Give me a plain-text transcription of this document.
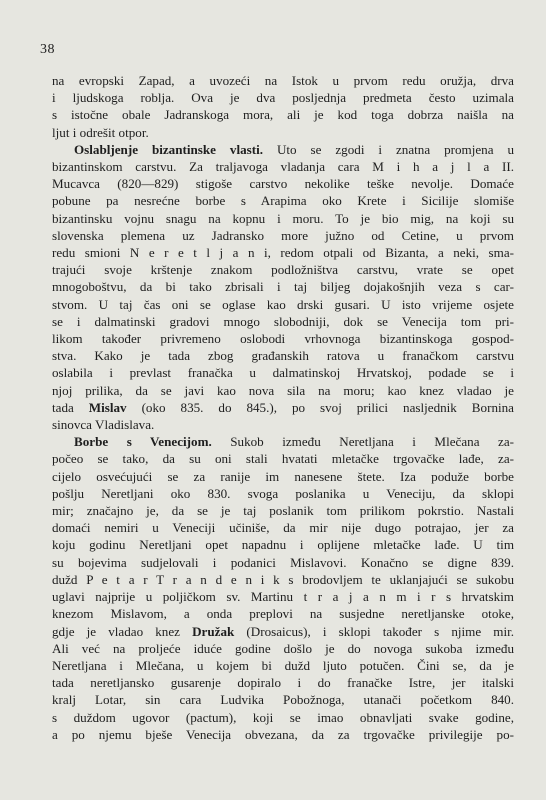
38
na evropski Zapad, a uvozeći na Istok u prvom redu oružja, drva
i ljudskoga roblja. Ova je dva posljednja predmeta često uzimala
s istočne obale Jadranskoga mora, ali je kod toga dobrza naišla na
ljut i odrešit otpor.
Oslabljenje bizantinske vlasti. Uto se zgodi i znatna promjena u
bizantinskom carstvu. Za traljavoga vladanja cara M i h a j l a II.
Mucavca (820—829) stigoše carstvo nekolike teške nevolje. Domaće
pobune pa nesrećne borbe s Arapima oko Krete i Sicilije slomiše
bizantinsku vojnu snagu na kopnu i moru. To je bio mig, na koji su
slovenska plemena uz Jadransko more južno od Cetine, u prvom
redu smioni N e r e t l j a n i, redom otpali od Bizanta, a neki, sma-
trajući svoje krštenje znakom podložništva carstvu, vrate se opet
mnogoboštvu, da bi tako zbrisali i taj biljeg dojakošnjih veza s car-
stvom. U taj čas oni se oglase kao drski gusari. U isto vrijeme osjete
se i dalmatinski gradovi mnogo slobodniji, dok se Venecija tom pri-
likom također privremeno oslobodi vrhovnoga bizantinskoga gospod-
stva. Kako je tada zbog građanskih ratova u franačkom carstvu
oslabila i prevlast franačka u dalmatinskoj Hrvatskoj, podade se i
njoj prilika, da se javi kao nova sila na moru; kao knez vladao je
tada Mislav (oko 835. do 845.), po svoj prilici nasljednik Bornina
sinovca Vladislava.
Borbe s Venecijom. Sukob između Neretljana i Mlečana za-
počeo se tako, da su oni stali hvatati mletačke trgovačke lađe, za-
cijelo osvećujući se za ranije im nanesene štete. Iza poduže borbe
pošlju Neretljani oko 830. svoga poslanika u Veneciju, da sklopi
mir; značajno je, da se je taj poslanik tom prilikom pokrstio. Nastali
domaći nemiri u Veneciji učiniše, da mir nije dugo potrajao, jer za
koju godinu Neretljani opet napadnu i oplijene mletačke lađe. U tim
su bojevima sudjelovali i podanici Mislavovi. Konačno se digne 839.
dužd P e t a r T r a n d e n i k s brodovljem te uklanjajući se sukobu
uglavi najprije u poljičkom sv. Martinu t r a j a n m i r s hrvatskim
knezom Mislavom, a onda preplovi na susjedne neretljanske otoke,
gdje je vladao knez Družak (Drosaicus), i sklopi također s njime mir.
Ali već na proljeće iduće godine došlo je do novoga sukoba između
Neretljana i Mlečana, u kojem bi dužd ljuto potučen. Čini se, da je
tada neretljansko gusarenje dopiralo i do franačke Istre, jer italski
kralj Lotar, sin cara Ludvika Pobožnoga, utanači početkom 840.
s duždom ugovor (pactum), koji se imao obnavljati svake godine,
a po njemu bješe Venecija obvezana, da za trgovačke privilegije po-
